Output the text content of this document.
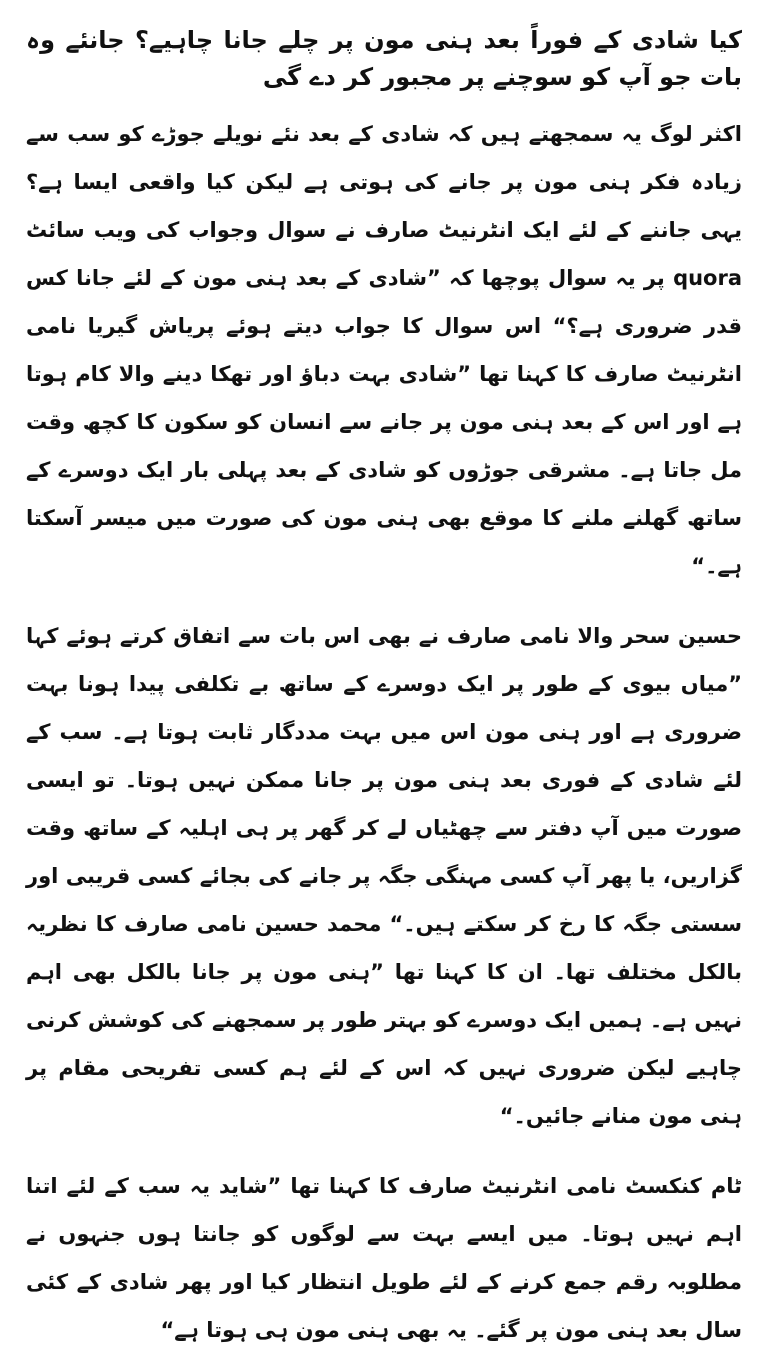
کیا شادی کے فوراً بعد ہنی مون پر چلے جانا چاہیے؟ جانئے وہ بات جو آپ کو سوچنے پر مجبور کر دے گی

اکثر لوگ یہ سمجھتے ہیں کہ شادی کے بعد نئے نویلے جوڑے کو سب سے زیادہ فکر ہنی مون پر جانے کی ہوتی ہے لیکن کیا واقعی ایسا ہے؟ یہی جاننے کے لئے ایک انٹرنیٹ صارف نے سوال وجواب کی ویب سائٹ quora پر یہ سوال پوچھا کہ ”شادی کے بعد ہنی مون کے لئے جانا کس قدر ضروری ہے؟“ اس سوال کا جواب دیتے ہوئے پریاش گیریا نامی انٹرنیٹ صارف کا کہنا تھا ”شادی بہت دباؤ اور تھکا دینے والا کام ہوتا ہے اور اس کے بعد ہنی مون پر جانے سے انسان کو سکون کا کچھ وقت مل جاتا ہے۔ مشرقی جوڑوں کو شادی کے بعد پہلی بار ایک دوسرے کے ساتھ گھلنے ملنے کا موقع بھی ہنی مون کی صورت میں میسر آسکتا ہے۔“

حسین سحر والا نامی صارف نے بھی اس بات سے اتفاق کرتے ہوئے کہا ”میاں بیوی کے طور پر ایک دوسرے کے ساتھ بے تکلفی پیدا ہونا بہت ضروری ہے اور ہنی مون اس میں بہت مددگار ثابت ہوتا ہے۔ سب کے لئے شادی کے فوری بعد ہنی مون پر جانا ممکن نہیں ہوتا۔ تو ایسی صورت میں آپ دفتر سے چھٹیاں لے کر گھر پر ہی اہلیہ کے ساتھ وقت گزاریں، یا پھر آپ کسی مہنگی جگہ پر جانے کی بجائے کسی قریبی اور سستی جگہ کا رخ کر سکتے ہیں۔“ محمد حسین نامی صارف کا نظریہ بالکل مختلف تھا۔ ان کا کہنا تھا ”ہنی مون پر جانا بالکل بھی اہم نہیں ہے۔ ہمیں ایک دوسرے کو بہتر طور پر سمجھنے کی کوشش کرنی چاہیے لیکن ضروری نہیں کہ اس کے لئے ہم کسی تفریحی مقام پر ہنی مون منانے جائیں۔“

ٹام کنکسٹ نامی انٹرنیٹ صارف کا کہنا تھا ”شاید یہ سب کے لئے اتنا اہم نہیں ہوتا۔ میں ایسے بہت سے لوگوں کو جانتا ہوں جنہوں نے مطلوبہ رقم جمع کرنے کے لئے طویل انتظار کیا اور پھر شادی کے کئی سال بعد ہنی مون پر گئے۔ یہ بھی ہنی مون ہی ہوتا ہے“
